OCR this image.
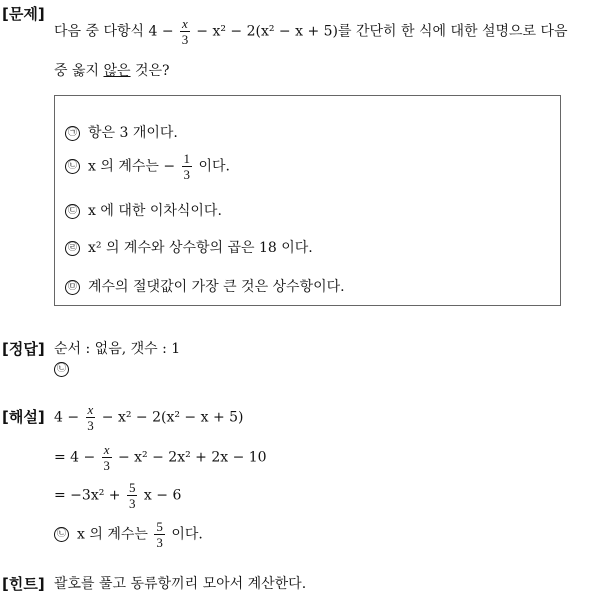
[문제]
다음 중 다항식 $4 - \frac{x}{3} - x^2 - 2(x^2 - x + 5)$를 간단히 한 식에 대한 설명으로 다음
중 옳지 않은 것은?
㉠ 항은 3 개이다.
㉡ x 의 계수는 − $\frac{1}{3}$ 이다.
㉢ x 에 대한 이차식이다.
㉣ x² 의 계수와 상수항의 곱은 18 이다.
㉤ 계수의 절댓값이 가장 큰 것은 상수항이다.
[정답] 순서 : 없음, 갯수 : 1
㉡
[해설] $4 - \frac{x}{3} - x^2 - 2(x^2 - x + 5)$
= $4 - \frac{x}{3} - x^2 - 2x^2 + 2x - 10$
= $-3x^2 + \frac{5}{3}$ x − 6
㉡ x 의 계수는 $\frac{5}{3}$ 이다.
[힌트] 괄호를 풀고 동류항끼리 모아서 계산한다.
